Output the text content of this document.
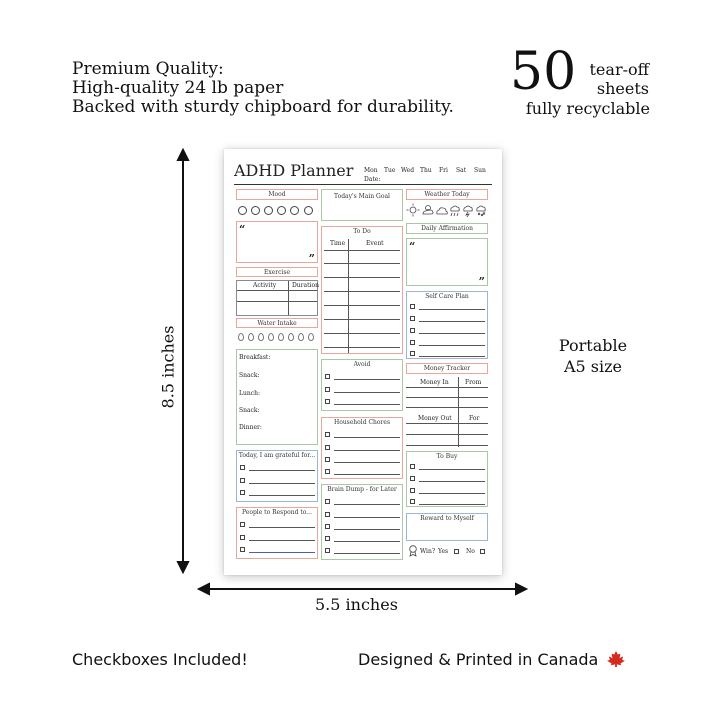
Premium Quality:
High-quality 24 lb paper
Backed with sturdy chipboard for durability.
50 tear-off
sheets
fully recyclable
Portable
A5 size
Checkboxes Included!	Designed & Printed in Canada
8.5 inches
5.5 inches
ADHD Planner Mon Tue Wed Thu Fri Sat Sun
Date:
Mood
“
”
Exercise
Activity	Duration
Water Intake
Breakfast:
Snack:
Lunch:
Snack:
Dinner:
Today, I am grateful for...
People to Respond to...
Today's Main Goal
To Do
Time	Event
Avoid
Household Chores
Brain Dump - for Later
Weather Today
Daily Affirmation
“
”
Self Care Plan
Money Tracker
Money In	From
Money Out	For
To Buy
Reward to Myself
Win? Yes	No
